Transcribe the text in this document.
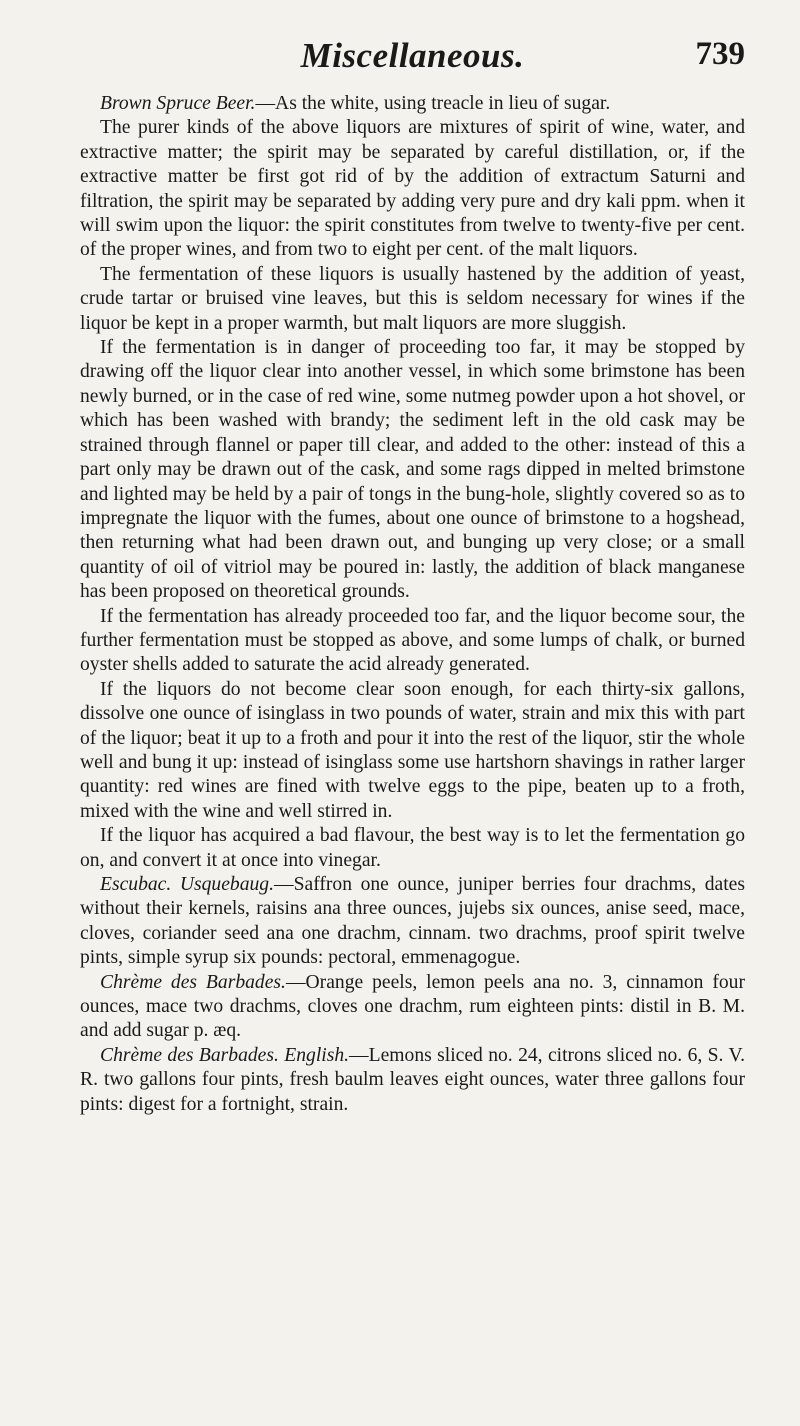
Miscellaneous.	739

Brown Spruce Beer.—As the white, using treacle in lieu of sugar.

The purer kinds of the above liquors are mixtures of spirit of wine, water, and extractive matter; the spirit may be separated by careful distillation, or, if the extractive matter be first got rid of by the addition of extractum Saturni and filtration, the spirit may be separated by adding very pure and dry kali ppm. when it will swim upon the liquor: the spirit constitutes from twelve to twenty-five per cent. of the proper wines, and from two to eight per cent. of the malt liquors.

The fermentation of these liquors is usually hastened by the addition of yeast, crude tartar or bruised vine leaves, but this is seldom necessary for wines if the liquor be kept in a proper warmth, but malt liquors are more sluggish.

If the fermentation is in danger of proceeding too far, it may be stopped by drawing off the liquor clear into another vessel, in which some brimstone has been newly burned, or in the case of red wine, some nutmeg powder upon a hot shovel, or which has been washed with brandy; the sediment left in the old cask may be strained through flannel or paper till clear, and added to the other: instead of this a part only may be drawn out of the cask, and some rags dipped in melted brimstone and lighted may be held by a pair of tongs in the bung-hole, slightly covered so as to impregnate the liquor with the fumes, about one ounce of brimstone to a hogshead, then returning what had been drawn out, and bunging up very close; or a small quantity of oil of vitriol may be poured in: lastly, the addition of black manganese has been proposed on theoretical grounds.

If the fermentation has already proceeded too far, and the liquor become sour, the further fermentation must be stopped as above, and some lumps of chalk, or burned oyster shells added to saturate the acid already generated.

If the liquors do not become clear soon enough, for each thirty-six gallons, dissolve one ounce of isinglass in two pounds of water, strain and mix this with part of the liquor; beat it up to a froth and pour it into the rest of the liquor, stir the whole well and bung it up: instead of isinglass some use hartshorn shavings in rather larger quantity: red wines are fined with twelve eggs to the pipe, beaten up to a froth, mixed with the wine and well stirred in.

If the liquor has acquired a bad flavour, the best way is to let the fermentation go on, and convert it at once into vinegar.

Escubac. Usquebaug.—Saffron one ounce, juniper berries four drachms, dates without their kernels, raisins ana three ounces, jujebs six ounces, anise seed, mace, cloves, coriander seed ana one drachm, cinnam. two drachms, proof spirit twelve pints, simple syrup six pounds: pectoral, emmenagogue.

Chrème des Barbades.—Orange peels, lemon peels ana no. 3, cinnamon four ounces, mace two drachms, cloves one drachm, rum eighteen pints: distil in B. M. and add sugar p. æq.

Chrème des Barbades. English.—Lemons sliced no. 24, citrons sliced no. 6, S. V. R. two gallons four pints, fresh baulm leaves eight ounces, water three gallons four pints: digest for a fortnight, strain.
